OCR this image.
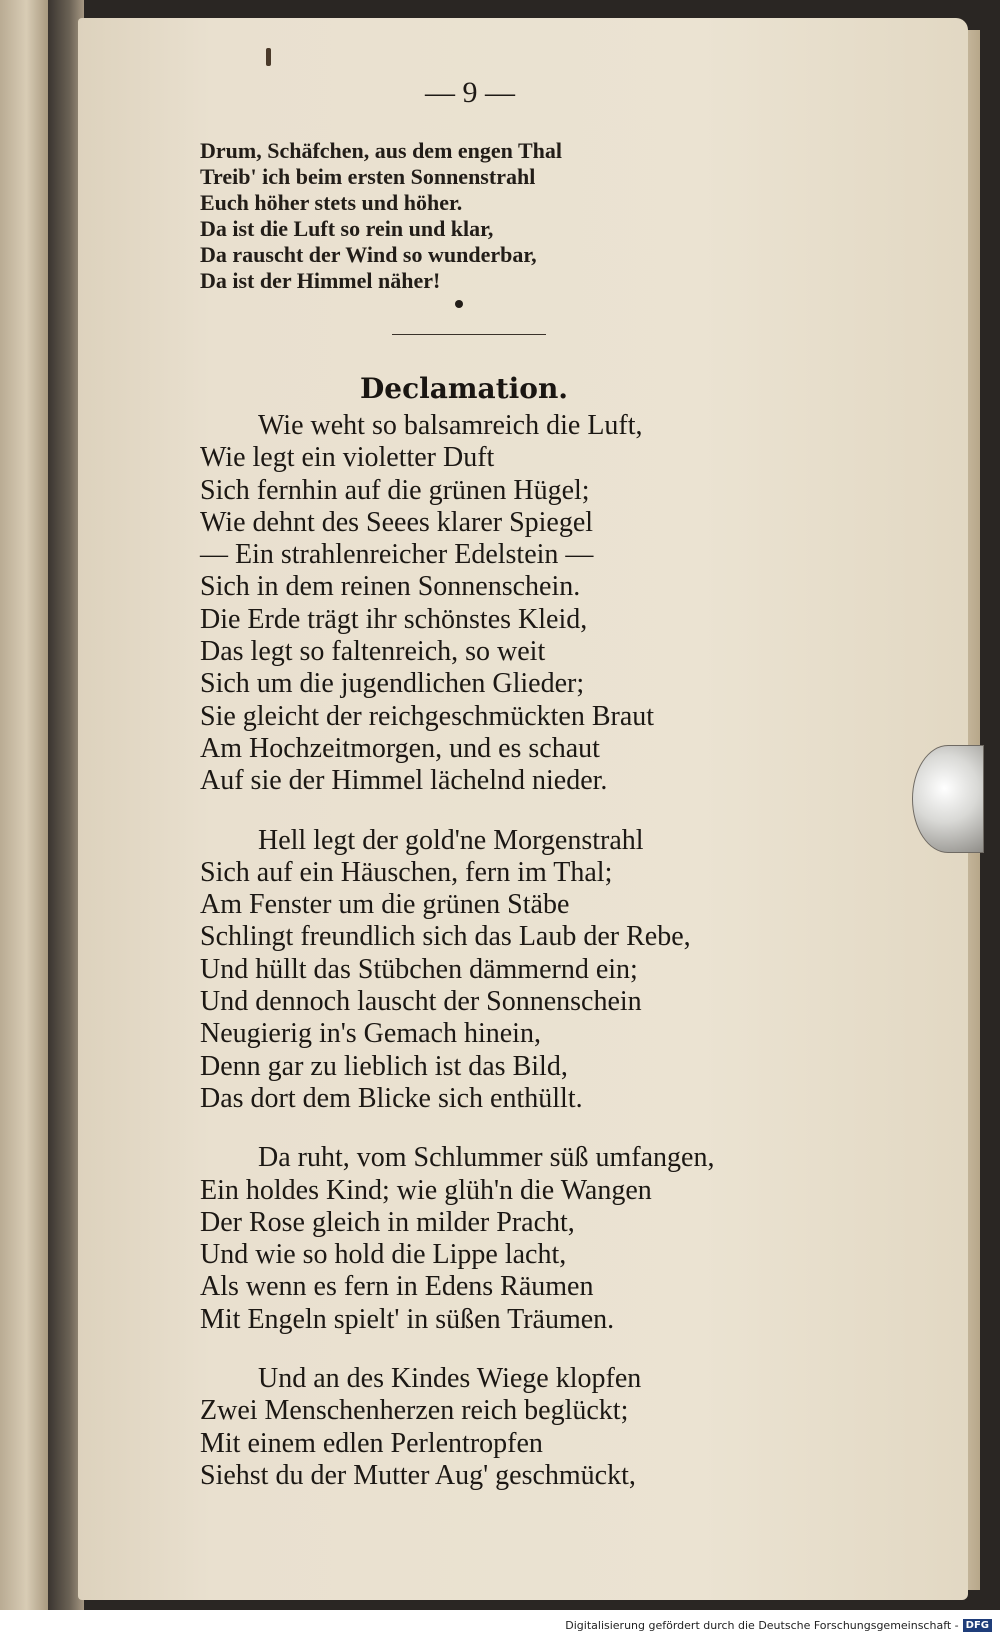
— 9 —
Drum, Schäfchen, aus dem engen Thal
Treib' ich beim ersten Sonnenstrahl
Euch höher stets und höher.
Da ist die Luft so rein und klar,
Da rauscht der Wind so wunderbar,
Da ist der Himmel näher!
Declamation.
Wie weht so balsamreich die Luft,
Wie legt ein violetter Duft
Sich fernhin auf die grünen Hügel;
Wie dehnt des Seees klarer Spiegel
— Ein strahlenreicher Edelstein —
Sich in dem reinen Sonnenschein.
Die Erde trägt ihr schönstes Kleid,
Das legt so faltenreich, so weit
Sich um die jugendlichen Glieder;
Sie gleicht der reichgeschmückten Braut
Am Hochzeitmorgen, und es schaut
Auf sie der Himmel lächelnd nieder.
Hell legt der gold'ne Morgenstrahl
Sich auf ein Häuschen, fern im Thal;
Am Fenster um die grünen Stäbe
Schlingt freundlich sich das Laub der Rebe,
Und hüllt das Stübchen dämmernd ein;
Und dennoch lauscht der Sonnenschein
Neugierig in's Gemach hinein,
Denn gar zu lieblich ist das Bild,
Das dort dem Blicke sich enthüllt.
Da ruht, vom Schlummer süß umfangen,
Ein holdes Kind; wie glüh'n die Wangen
Der Rose gleich in milder Pracht,
Und wie so hold die Lippe lacht,
Als wenn es fern in Edens Räumen
Mit Engeln spielt' in süßen Träumen.
Und an des Kindes Wiege klopfen
Zwei Menschenherzen reich beglückt;
Mit einem edlen Perlentropfen
Siehst du der Mutter Aug' geschmückt,
Digitalisierung gefördert durch die Deutsche Forschungsgemeinschaft - DFG
